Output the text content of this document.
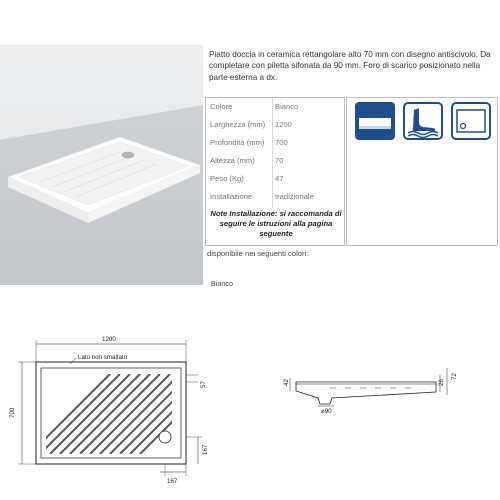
Piatto doccia in ceramica rettangolare alto 70 mm con disegno antiscivolo. Da completare con piletta sifonata da 90 mm. Foro di scarico posizionato nella parte esterna a dx.
Colore	Bianco
Larghezza (mm) 1200
Profondità (mm) 700
Altezza (mm)	70
Peso (Kg)	47
Installazione	tradizionale
Note Installazione: si raccomanda di seguire le istruzioni alla pagina seguente
disponibile nei seguenti colori:
Bianco
1200
Lato non smaltato
700
57
167
167
42	26
72
⌀90
